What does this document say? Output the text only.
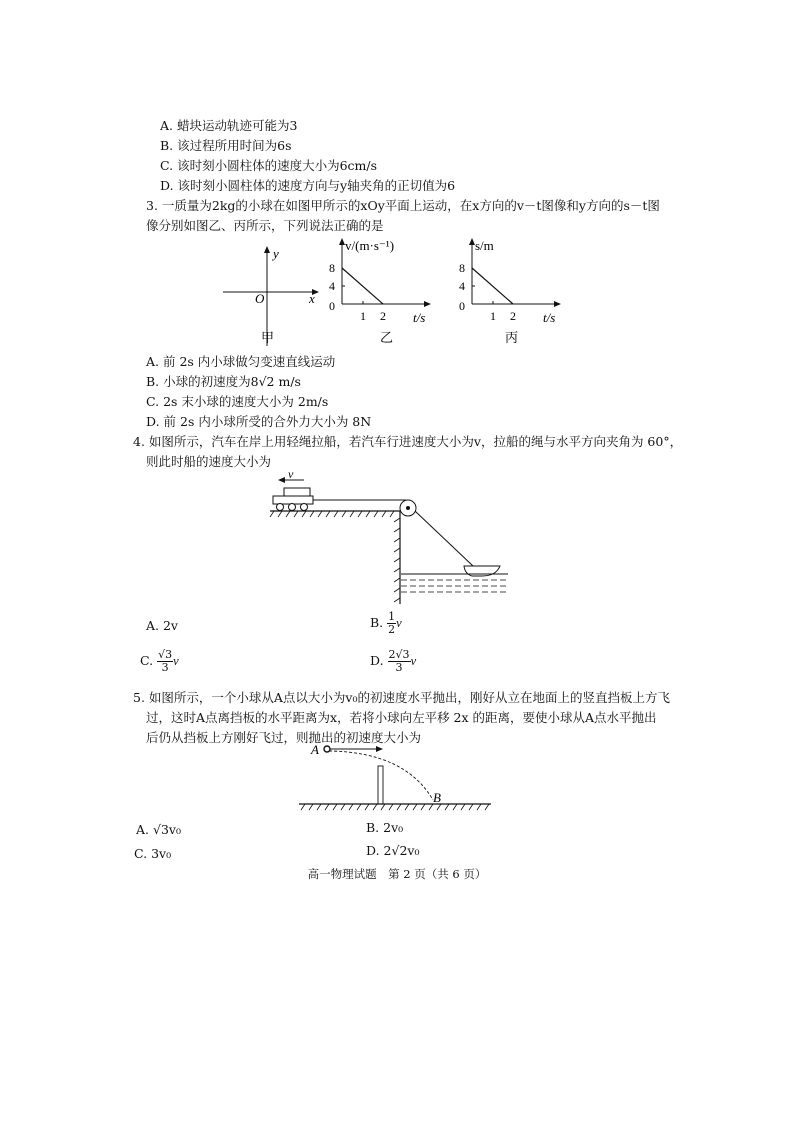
A. 蜡块运动轨迹可能为3
B. 该过程所用时间为6s
C. 该时刻小圆柱体的速度大小为6cm/s
D. 该时刻小圆柱体的速度方向与y轴夹角的正切值为6
3. 一质量为2kg的小球在如图甲所示的xOy平面上运动，在x方向的v－t图像和y方向的s－t图
像分别如图乙、丙所示，下列说法正确的是
y
x
O
甲
v/(m·s⁻¹)
8
4
0
1 2 t/s
乙
s/m
8
4
0
1 2 t/s
丙
A. 前 2s 内小球做匀变速直线运动
B. 小球的初速度为8√2 m/s
C. 2s 末小球的速度大小为 2m/s
D. 前 2s 内小球所受的合外力大小为 8N
4. 如图所示，汽车在岸上用轻绳拉船，若汽车行进速度大小为v，拉船的绳与水平方向夹角为 60°，
则此时船的速度大小为
v
A. 2v	B. $\frac{1}{2}$ v
C. $\frac{√3}{3}$ v	D. $\frac{2√3}{3}$ v
5. 如图所示，一个小球从A点以大小为v₀的初速度水平抛出，刚好从立在地面上的竖直挡板上方飞
过，这时A点离挡板的水平距离为x，若将小球向左平移 2x 的距离，要使小球从A点水平抛出
后仍从挡板上方刚好飞过，则抛出的初速度大小为
A
B
A. √3v₀	B. 2v₀
C. 3v₀	D. 2√2v₀
高一物理试题　第 2 页（共 6 页）
